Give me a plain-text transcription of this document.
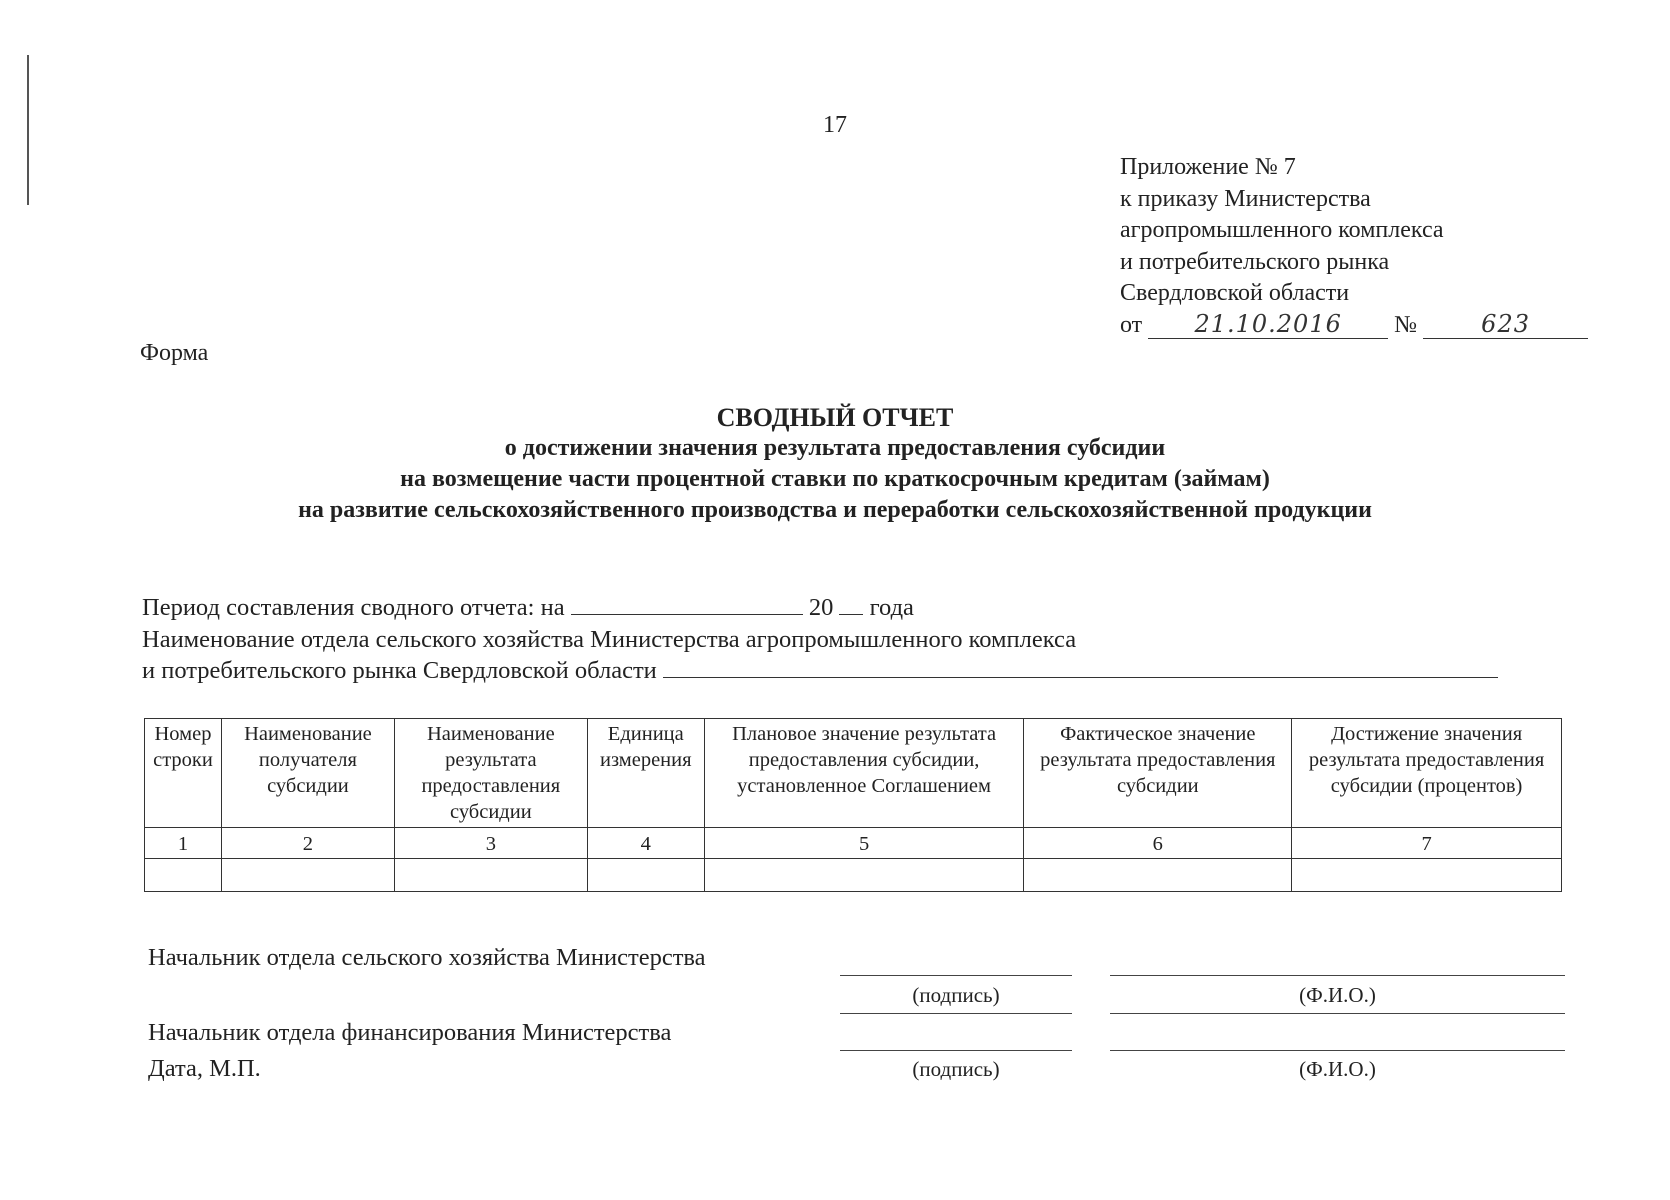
17
Приложение № 7
к приказу Министерства
агропромышленного комплекса
и потребительского рынка
Свердловской области
от 21.10.2016 №	623
Форма
СВОДНЫЙ ОТЧЕТ
о достижении значения результата предоставления субсидии
на возмещение части процентной ставки по краткосрочным кредитам (займам)
на развитие сельскохозяйственного производства и переработки сельскохозяйственной продукции
Период составления сводного отчета: на	20 года
Наименование отдела сельского хозяйства Министерства агропромышленного комплекса
и потребительского рынка Свердловской области
Номер строки	Наименование получателя субсидии	Наименование результата предоставления субсидии	Единица измерения	Плановое значение результата предоставления субсидии, установленное Соглашением	Фактическое значение результата предоставления субсидии	Достижение значения результата предоставления субсидии (процентов)
1	2	3	4	5	6	7

Начальник отдела сельского хозяйства Министерства
(подпись)	(Ф.И.О.)
Начальник отдела финансирования Министерства
Дата, М.П.	(подпись)	(Ф.И.О.)
